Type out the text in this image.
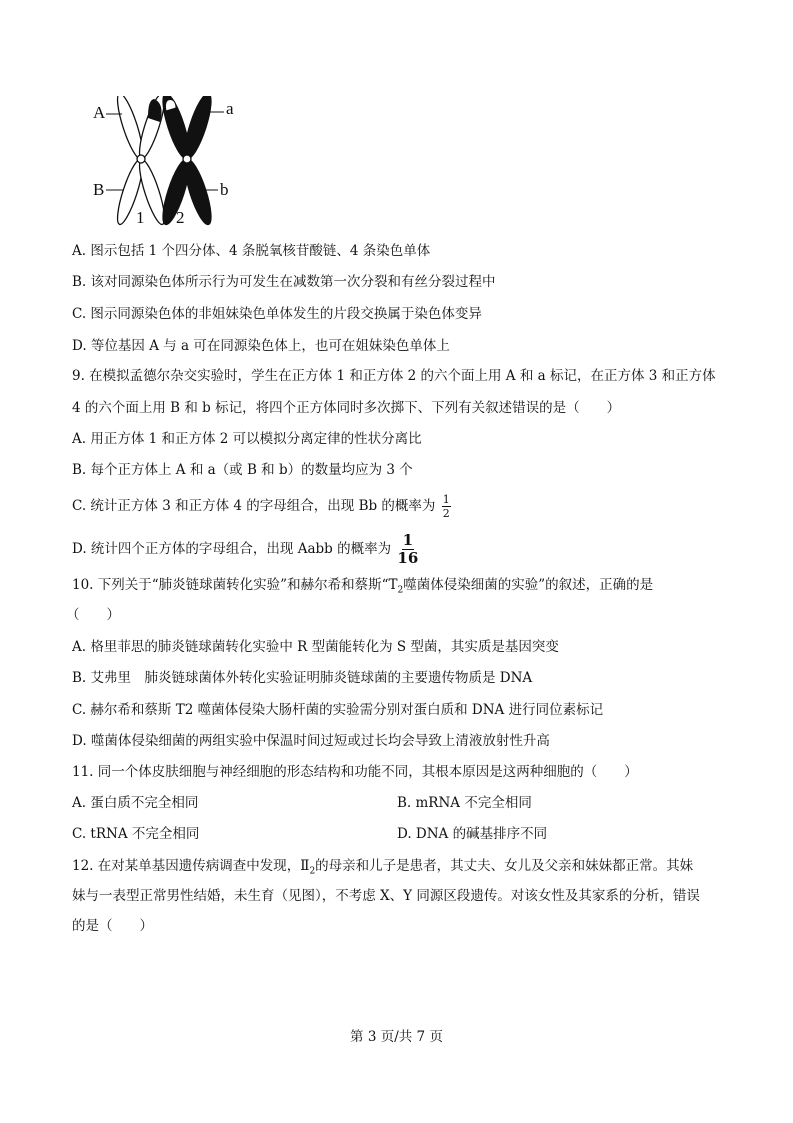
A	a
B	b
1 2
A. 图示包括 1 个四分体、4 条脱氧核苷酸链、4 条染色单体
B. 该对同源染色体所示行为可发生在减数第一次分裂和有丝分裂过程中
C. 图示同源染色体的非姐妹染色单体发生的片段交换属于染色体变异
D. 等位基因 A 与 a 可在同源染色体上，也可在姐妹染色单体上
9. 在模拟孟德尔杂交实验时，学生在正方体 1 和正方体 2 的六个面上用 A 和 a 标记，在正方体 3 和正方体
4 的六个面上用 B 和 b 标记，将四个正方体同时多次掷下、下列有关叙述错误的是（　　）
A. 用正方体 1 和正方体 2 可以模拟分离定律的性状分离比
B. 每个正方体上 A 和 a（或 B 和 b）的数量均应为 3 个
C. 统计正方体 3 和正方体 4 的字母组合，出现 Bb 的概率为 $\frac{1}{2}$
D. 统计四个正方体的字母组合，出现 Aabb 的概率为 $\frac{1}{16}$
10. 下列关于“肺炎链球菌转化实验”和赫尔希和蔡斯“$T_2$噬菌体侵染细菌的实验”的叙述，正确的是
（　　）
A. 格里菲思的肺炎链球菌转化实验中 R 型菌能转化为 S 型菌，其实质是基因突变
B. 艾弗里　肺炎链球菌体外转化实验证明肺炎链球菌的主要遗传物质是 DNA
C. 赫尔希和蔡斯 T2 噬菌体侵染大肠杆菌的实验需分别对蛋白质和 DNA 进行同位素标记
D. 噬菌体侵染细菌的两组实验中保温时间过短或过长均会导致上清液放射性升高
11. 同一个体皮肤细胞与神经细胞的形态结构和功能不同，其根本原因是这两种细胞的（　　）
A. 蛋白质不完全相同	B. mRNA 不完全相同
C. tRNA 不完全相同	D. DNA 的碱基排序不同
12. 在对某单基因遗传病调查中发现，$Ⅱ_2$的母亲和儿子是患者，其丈夫、女儿及父亲和妹妹都正常。其妹
妹与一表型正常男性结婚，未生育（见图），不考虑 X、Y 同源区段遗传。对该女性及其家系的分析，错误
的是（　　）
第 3 页/共 7 页
